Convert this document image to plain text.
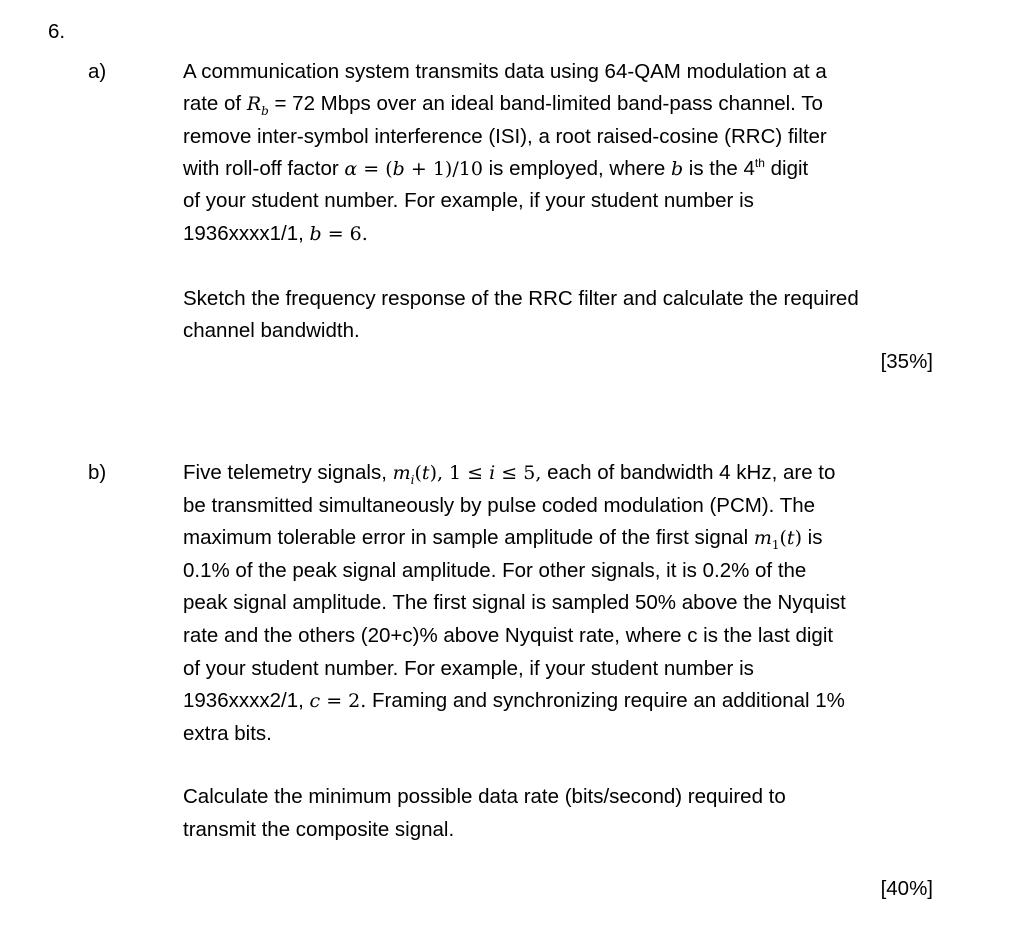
6.
a)	A communication system transmits data using 64-QAM modulation at a
rate of $R_b = 72$ Mbps over an ideal band-limited band-pass channel. To
remove inter-symbol interference (ISI), a root raised-cosine (RRC) filter
with roll-off factor α = (b + 1)/10 is employed, where b is the 4th digit
of your student number. For example, if your student number is
1936xxxx1/1, b = 6.
Sketch the frequency response of the RRC filter and calculate the required
channel bandwidth.
[35%]
b)	Five telemetry signals, $m_i(t)$, 1 ≤ i ≤ 5, each of bandwidth 4 kHz, are to
be transmitted simultaneously by pulse coded modulation (PCM). The
maximum tolerable error in sample amplitude of the first signal $m_1(t)$ is
0.1% of the peak signal amplitude. For other signals, it is 0.2% of the
peak signal amplitude. The first signal is sampled 50% above the Nyquist
rate and the others (20+c)% above Nyquist rate, where c is the last digit
of your student number. For example, if your student number is
1936xxxx2/1, c = 2. Framing and synchronizing require an additional 1%
extra bits.
Calculate the minimum possible data rate (bits/second) required to
transmit the composite signal.
[40%]
